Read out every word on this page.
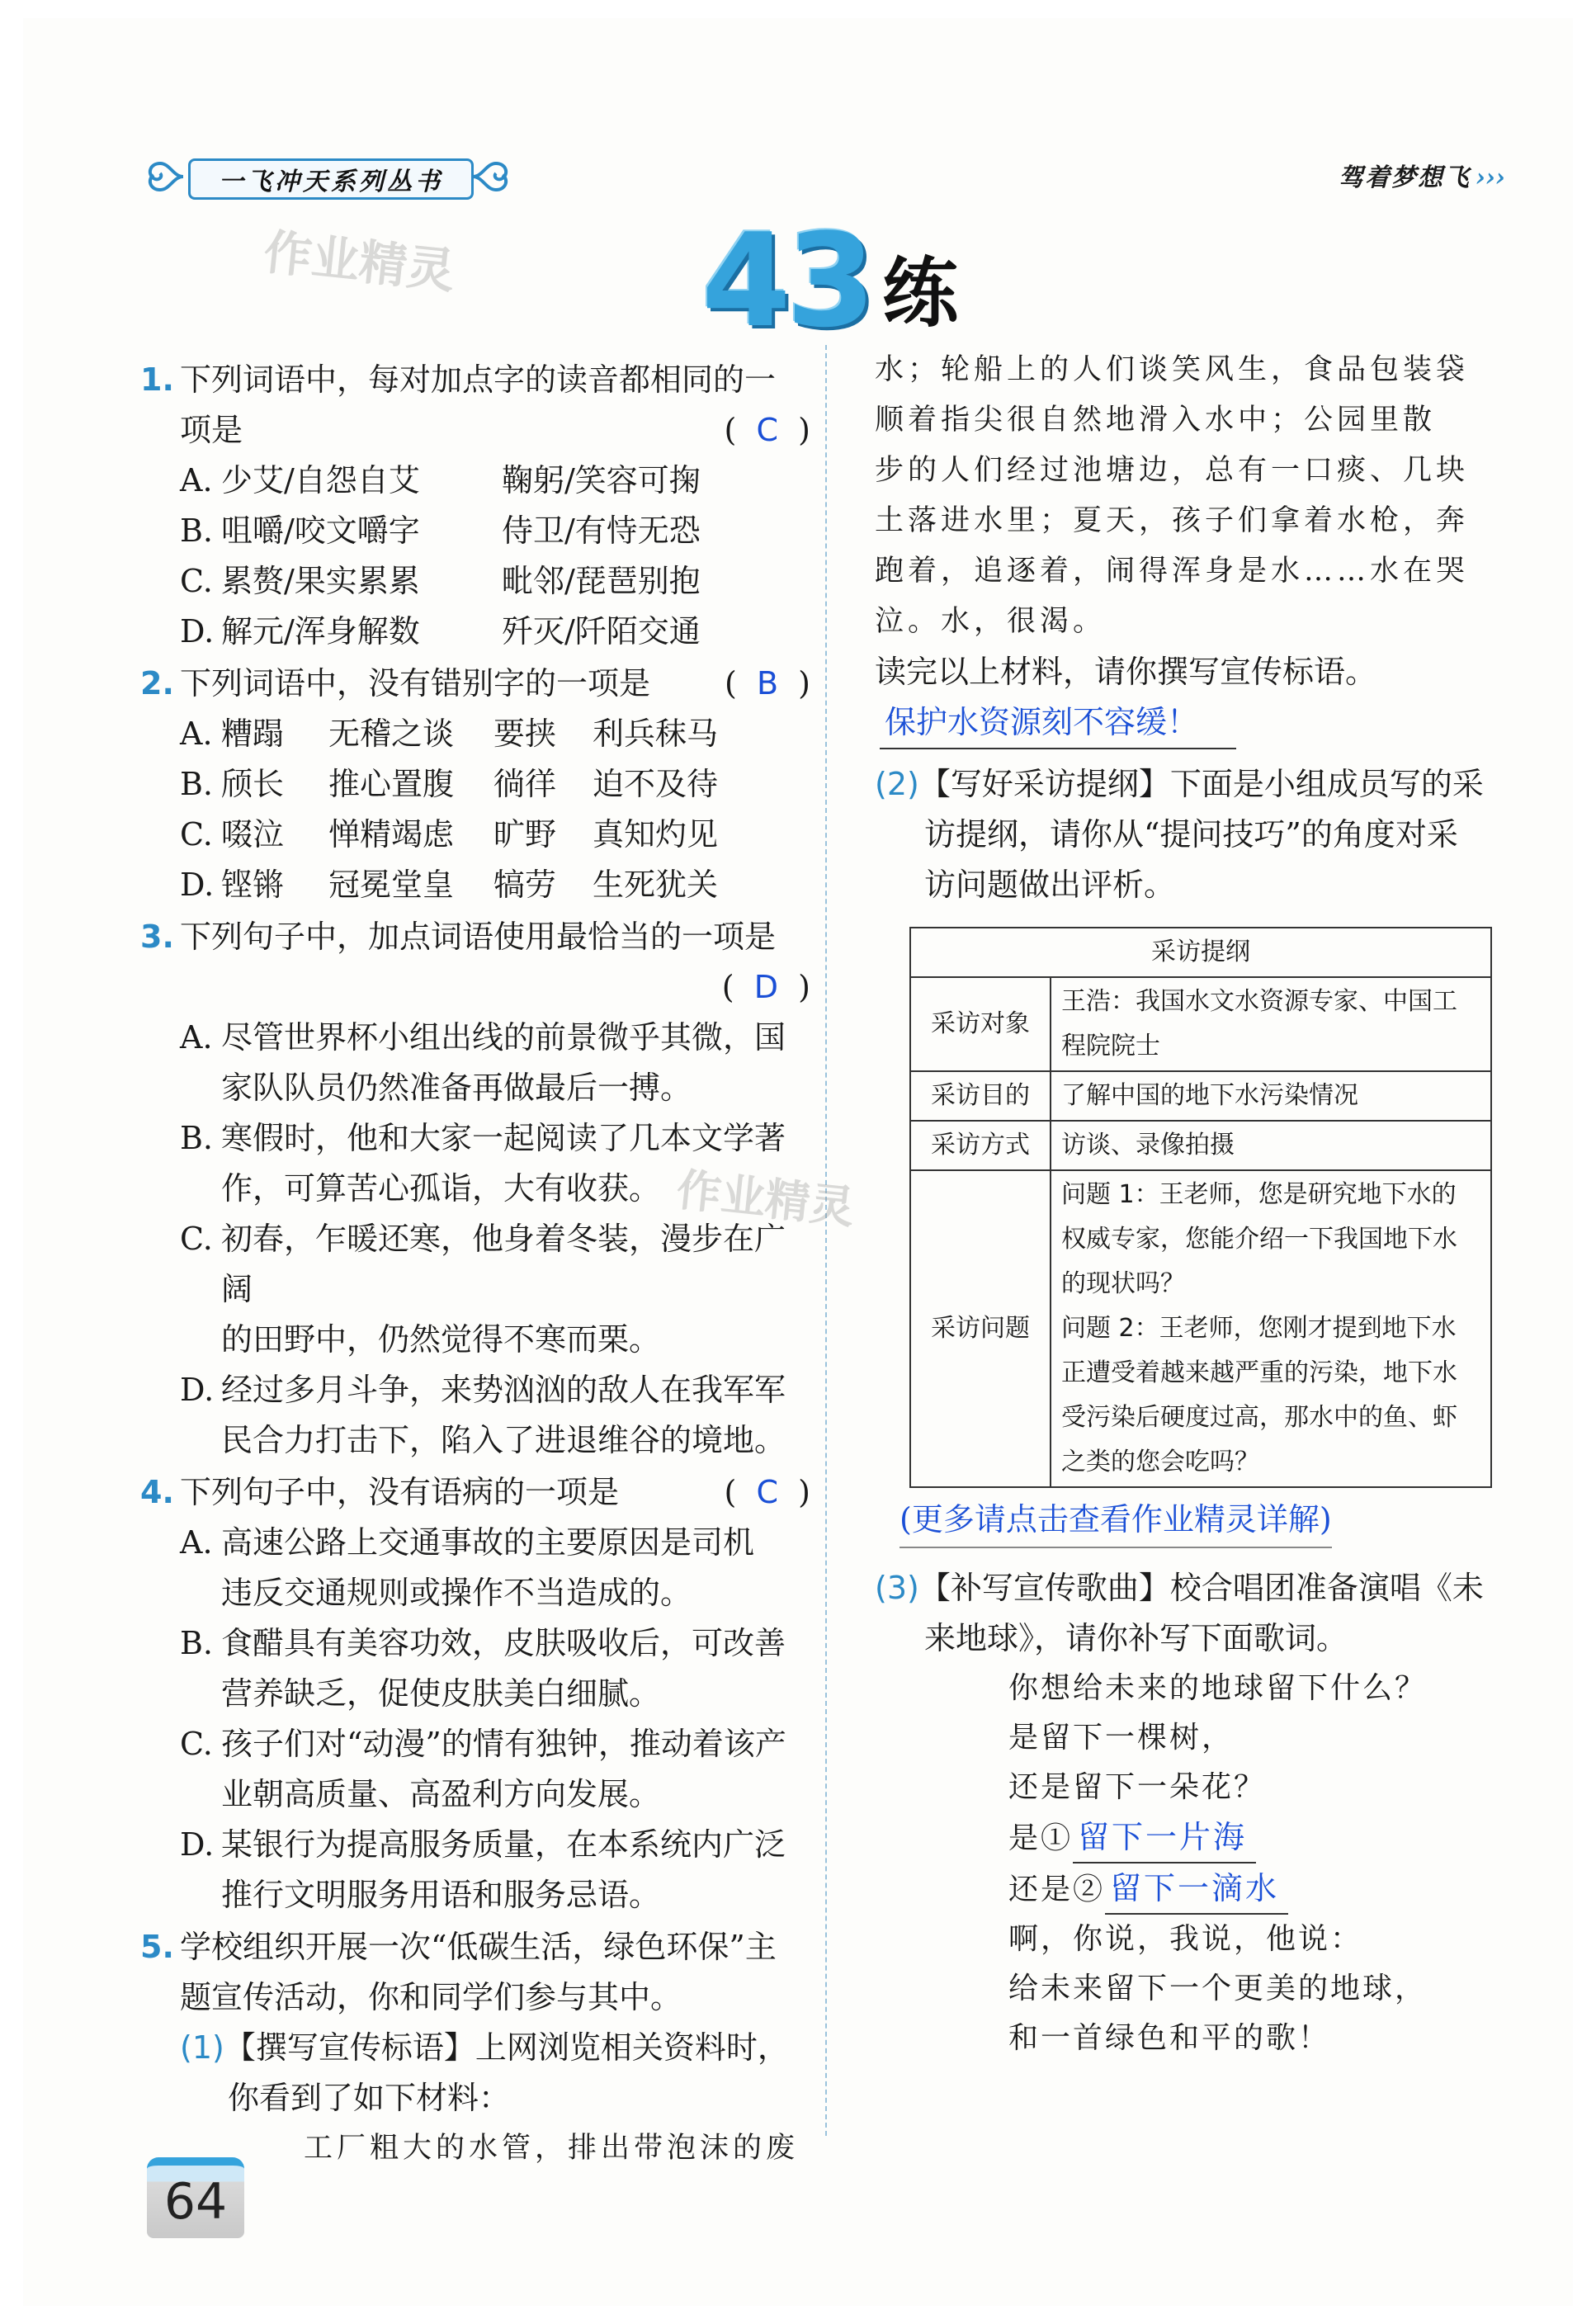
一飞冲天系列丛书	驾着梦想飞 ›››
作业精灵 43 练
1. 下列词语中，每对加点字的读音都相同的一
项是	(  C  )
A. 少艾/自怨自艾	鞠躬/笑容可掬
B. 咀嚼/咬文嚼字	侍卫/有恃无恐
C. 累赘/果实累累	毗邻/琵琶别抱
D. 解元/浑身解数	歼灭/阡陌交通
2. 下列词语中，没有错别字的一项是 (  B  )
A. 糟蹋 无稽之谈 要挟 利兵秣马
B. 颀长 推心置腹 徜徉 迫不及待
C. 啜泣 惮精竭虑 旷野 真知灼见
D. 铿锵 冠冕堂皇 犒劳 生死犹关
3. 下列句子中，加点词语使用最恰当的一项是
(  D  )
A. 尽管世界杯小组出线的前景微乎其微，国
家队队员仍然准备再做最后一搏。
B. 寒假时，他和大家一起阅读了几本文学著
作，可算苦心孤诣，大有收获。
C. 初春，乍暖还寒，他身着冬装，漫步在广阔
的田野中，仍然觉得不寒而栗。
D. 经过多月斗争，来势汹汹的敌人在我军军
民合力打击下，陷入了进退维谷的境地。
4. 下列句子中，没有语病的一项是	(  C  )
A. 高速公路上交通事故的主要原因是司机
违反交通规则或操作不当造成的。
B. 食醋具有美容功效，皮肤吸收后，可改善
营养缺乏，促使皮肤美白细腻。
C. 孩子们对“动漫”的情有独钟，推动着该产
业朝高质量、高盈利方向发展。
D. 某银行为提高服务质量，在本系统内广泛
推行文明服务用语和服务忌语。
5. 学校组织开展一次“低碳生活，绿色环保”主
题宣传活动，你和同学们参与其中。
(1)【撰写宣传标语】上网浏览相关资料时，
你看到了如下材料：
工厂粗大的水管，排出带泡沫的废
水；轮船上的人们谈笑风生，食品包装袋
顺着指尖很自然地滑入水中；公园里散
步的人们经过池塘边，总有一口痰、几块
土落进水里；夏天，孩子们拿着水枪，奔
跑着，追逐着，闹得浑身是水……水在哭
泣。水，很渴。
读完以上材料，请你撰写宣传标语。
保护水资源刻不容缓！
(2)【写好采访提纲】下面是小组成员写的采
访提纲，请你从“提问技巧”的角度对采
访问题做出评析。
采访提纲	
采访对象	王浩：我国水文水资源专家、中国工程院院士
采访目的	了解中国的地下水污染情况
采访方式	访谈、录像拍摄
采访问题	问题 1：王老师，您是研究地下水的权威专家，您能介绍一下我国地下水的现状吗？
问题 2：王老师，您刚才提到地下水正遭受着越来越严重的污染，地下水受污染后硬度过高，那水中的鱼、虾之类的您会吃吗？
(更多请点击查看作业精灵详解)
(3)【补写宣传歌曲】校合唱团准备演唱《未
来地球》，请你补写下面歌词。
你想给未来的地球留下什么？
是留下一棵树，
还是留下一朵花？
是① 留下一片海
还是② 留下一滴水
啊，你说，我说，他说：
给未来留下一个更美的地球，
和一首绿色和平的歌！
作业精灵
64
